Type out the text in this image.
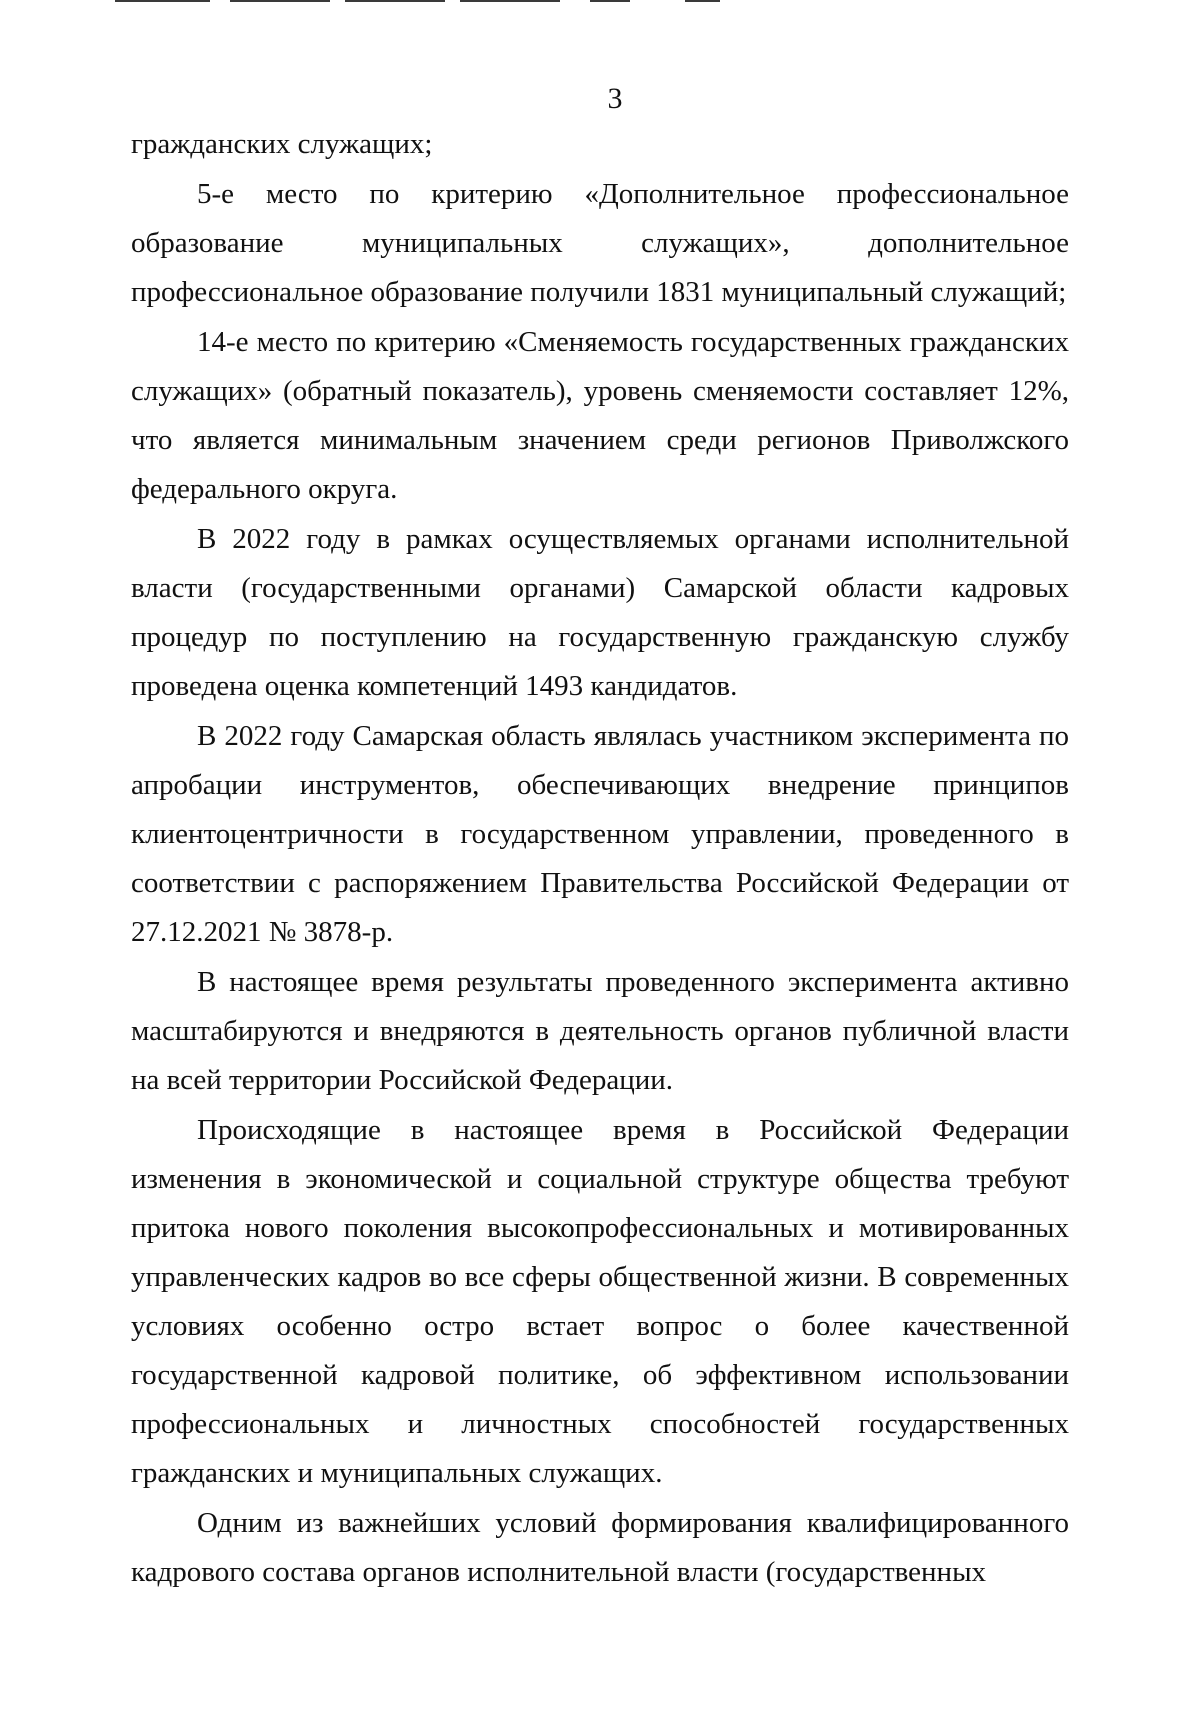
3

гражданских служащих;

5-е место по критерию «Дополнительное профессиональное образование муниципальных служащих», дополнительное профессиональное образование получили 1831 муниципальный служащий;

14-е место по критерию «Сменяемость государственных гражданских служащих» (обратный показатель), уровень сменяемости составляет 12%, что является минимальным значением среди регионов Приволжского федерального округа.

В 2022 году в рамках осуществляемых органами исполнительной власти (государственными органами) Самарской области кадровых процедур по поступлению на государственную гражданскую службу проведена оценка компетенций 1493 кандидатов.

В 2022 году Самарская область являлась участником эксперимента по апробации инструментов, обеспечивающих внедрение принципов клиентоцентричности в государственном управлении, проведенного в соответствии с распоряжением Правительства Российской Федерации от 27.12.2021 № 3878-р.

В настоящее время результаты проведенного эксперимента активно масштабируются и внедряются в деятельность органов публичной власти на всей территории Российской Федерации.

Происходящие в настоящее время в Российской Федерации изменения в экономической и социальной структуре общества требуют притока нового поколения высокопрофессиональных и мотивированных управленческих кадров во все сферы общественной жизни. В современных условиях особенно остро встает вопрос о более качественной государственной кадровой политике, об эффективном использовании профессиональных и личностных способностей государственных гражданских и муниципальных служащих.

Одним из важнейших условий формирования квалифицированного кадрового состава органов исполнительной власти (государственных
